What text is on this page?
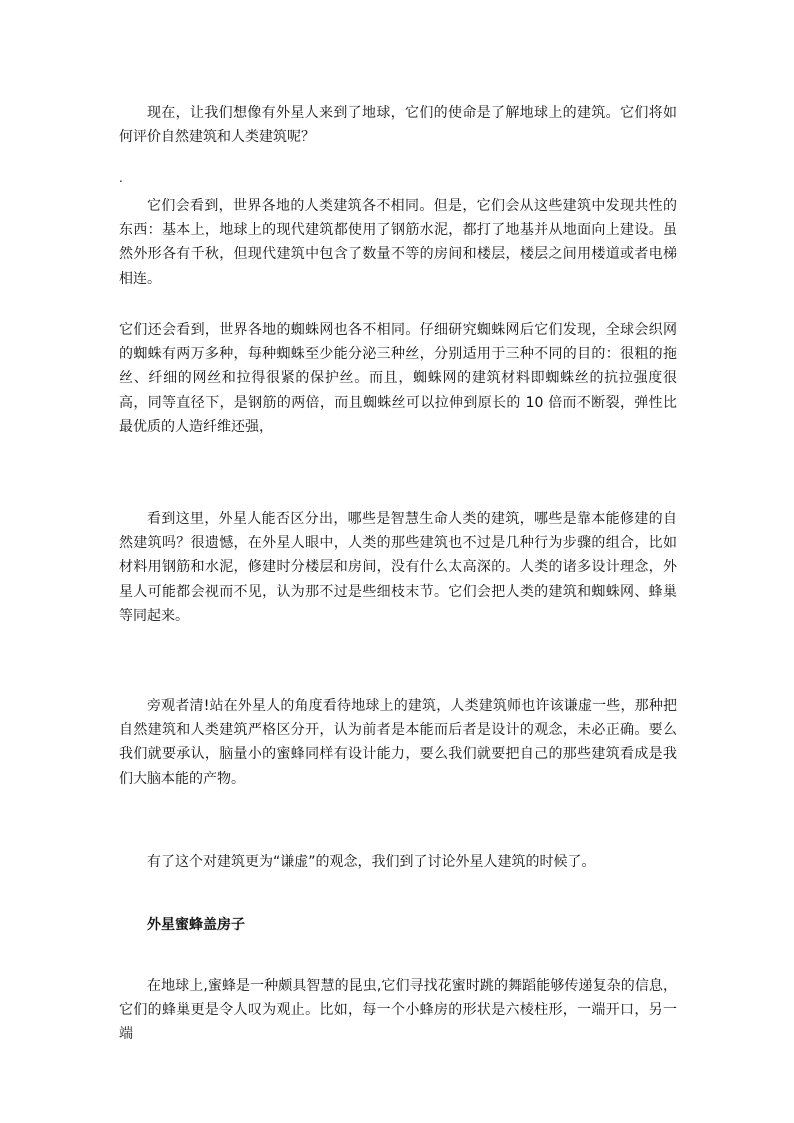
现在，让我们想像有外星人来到了地球，它们的使命是了解地球上的建筑。它们将如何评价自然建筑和人类建筑呢？

.

它们会看到，世界各地的人类建筑各不相同。但是，它们会从这些建筑中发现共性的东西：基本上，地球上的现代建筑都使用了钢筋水泥，都打了地基并从地面向上建设。虽然外形各有千秋，但现代建筑中包含了数量不等的房间和楼层，楼层之间用楼道或者电梯相连。

它们还会看到，世界各地的蜘蛛网也各不相同。仔细研究蜘蛛网后它们发现，全球会织网的蜘蛛有两万多种，每种蜘蛛至少能分泌三种丝，分别适用于三种不同的目的：很粗的拖丝、纤细的网丝和拉得很紧的保护丝。而且，蜘蛛网的建筑材料即蜘蛛丝的抗拉强度很高，同等直径下，是钢筋的两倍，而且蜘蛛丝可以拉伸到原长的 10 倍而不断裂，弹性比最优质的人造纤维还强，

看到这里，外星人能否区分出，哪些是智慧生命人类的建筑，哪些是靠本能修建的自然建筑吗？很遗憾，在外星人眼中，人类的那些建筑也不过是几种行为步骤的组合，比如材料用钢筋和水泥，修建时分楼层和房间，没有什么太高深的。人类的诸多设计理念，外星人可能都会视而不见，认为那不过是些细枝末节。它们会把人类的建筑和蜘蛛网、蜂巢等同起来。

旁观者清!站在外星人的角度看待地球上的建筑，人类建筑师也许该谦虚一些，那种把自然建筑和人类建筑严格区分开，认为前者是本能而后者是设计的观念，未必正确。要么我们就要承认，脑量小的蜜蜂同样有设计能力，要么我们就要把自己的那些建筑看成是我们大脑本能的产物。

有了这个对建筑更为“谦虚”的观念，我们到了讨论外星人建筑的时候了。

外星蜜蜂盖房子

在地球上,蜜蜂是一种颇具智慧的昆虫,它们寻找花蜜时跳的舞蹈能够传递复杂的信息，它们的蜂巢更是令人叹为观止。比如，每一个小蜂房的形状是六棱柱形，一端开口，另一端
